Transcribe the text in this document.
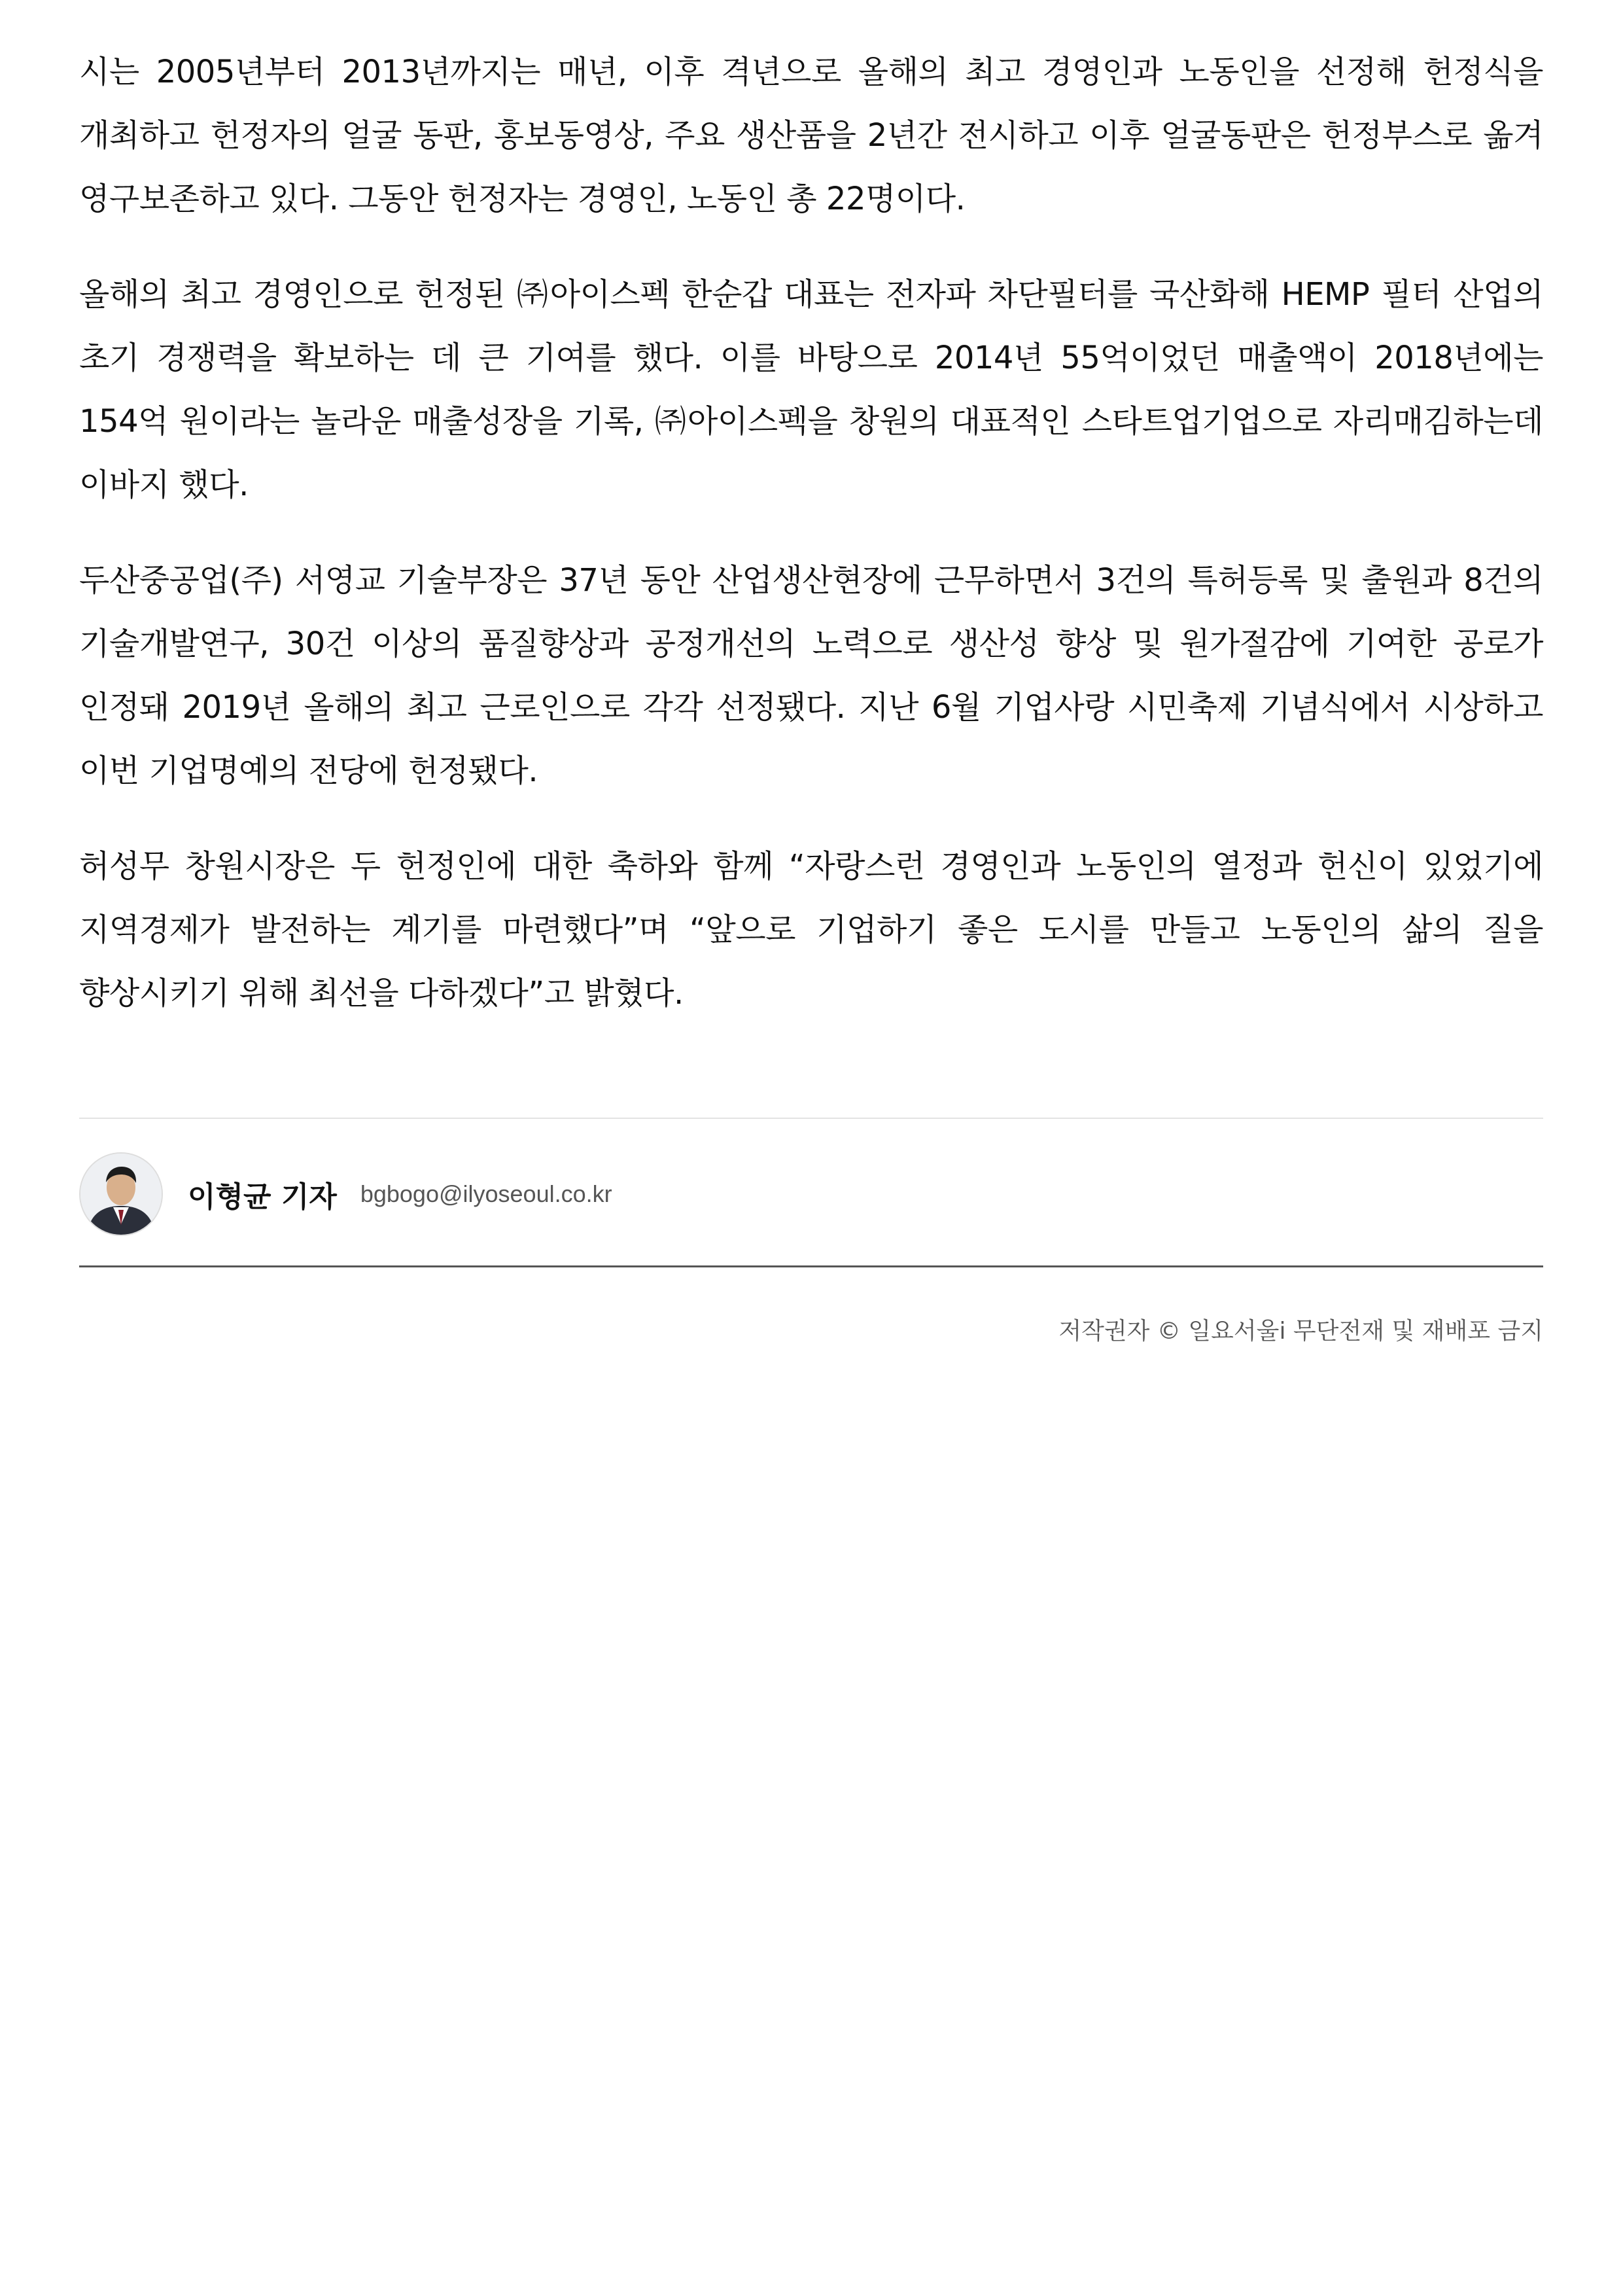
시는 2005년부터 2013년까지는 매년, 이후 격년으로 올해의 최고 경영인과 노동인을 선정해 헌정식을 개최하고 헌정자의 얼굴 동판, 홍보동영상, 주요 생산품을 2년간 전시하고 이후 얼굴동판은 헌정부스로 옮겨 영구보존하고 있다. 그동안 헌정자는 경영인, 노동인 총 22명이다.

올해의 최고 경영인으로 헌정된 ㈜아이스펙 한순갑 대표는 전자파 차단필터를 국산화해 HEMP 필터 산업의 초기 경쟁력을 확보하는 데 큰 기여를 했다. 이를 바탕으로 2014년 55억이었던 매출액이 2018년에는 154억 원이라는 놀라운 매출성장을 기록, ㈜아이스펙을 창원의 대표적인 스타트업기업으로 자리매김하는데 이바지 했다.

두산중공업(주) 서영교 기술부장은 37년 동안 산업생산현장에 근무하면서 3건의 특허등록 및 출원과 8건의 기술개발연구, 30건 이상의 품질향상과 공정개선의 노력으로 생산성 향상 및 원가절감에 기여한 공로가 인정돼 2019년 올해의 최고 근로인으로 각각 선정됐다. 지난 6월 기업사랑 시민축제 기념식에서 시상하고 이번 기업명예의 전당에 헌정됐다.

허성무 창원시장은 두 헌정인에 대한 축하와 함께 “자랑스런 경영인과 노동인의 열정과 헌신이 있었기에 지역경제가 발전하는 계기를 마련했다”며 “앞으로 기업하기 좋은 도시를 만들고 노동인의 삶의 질을 향상시키기 위해 최선을 다하겠다”고 밝혔다.

이형균 기자 bgbogo@ilyoseoul.co.kr
저작권자 © 일요서울i 무단전재 및 재배포 금지
